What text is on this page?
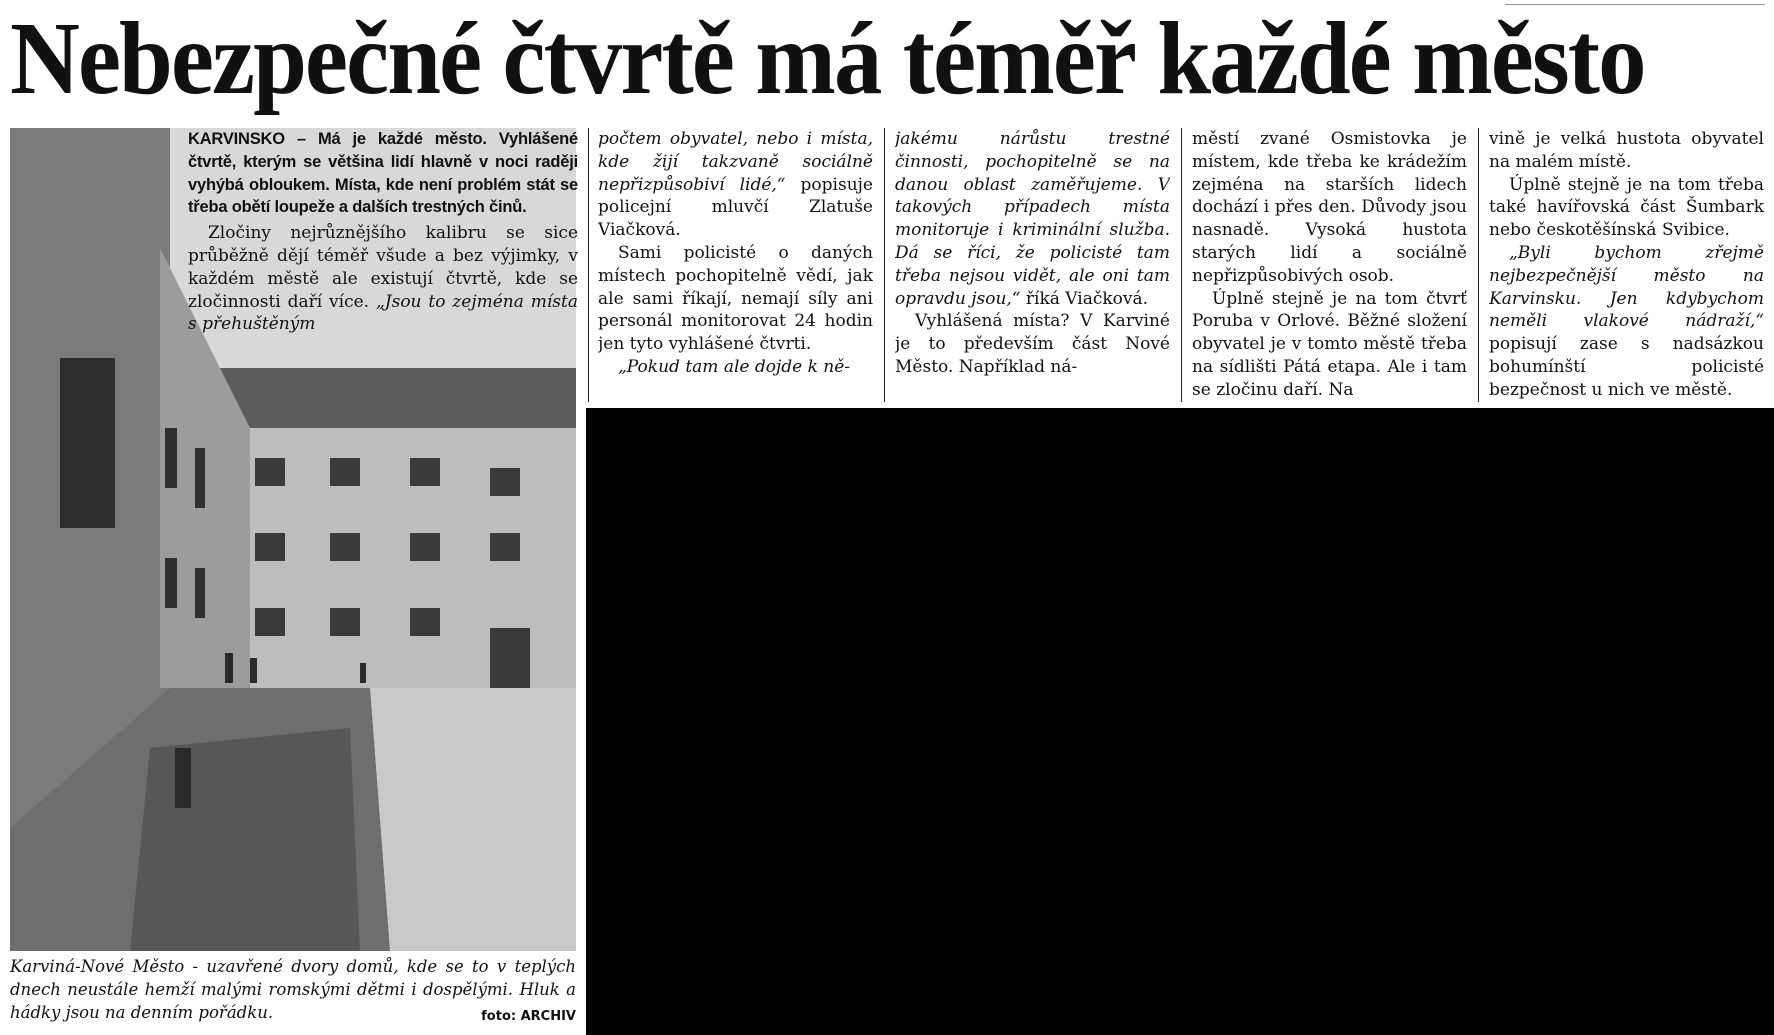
Nebezpečné čtvrtě má téměř každé město
Karviná-Nové Město - uzavřené dvory domů, kde se to v teplých dnech neustále hemží malými romskými dětmi i dospělými. Hluk a hádky jsou na denním pořádku.	foto: ARCHIV

KARVINSKO – Má je každé město. Vyhlášené čtvrtě, kterým se většina lidí hlavně v noci raději vyhýbá obloukem. Místa, kde není problém stát se třeba obětí loupeže a dalších trestných činů.

Zločiny nejrůznějšího kalibru se sice průběžně dějí téměř všude a bez výjimky, v každém městě ale existují čtvrtě, kde se zločinnosti daří více. „Jsou to zejména místa s přehuštěným

počtem obyvatel, nebo i místa, kde žijí takzvaně sociálně nepřizpůsobiví lidé,“ popisuje policejní mluvčí Zlatuše Viačková.

Sami policisté o daných místech pochopitelně vědí, jak ale sami říkají, nemají síly ani personál monitorovat 24 hodin jen tyto vyhlášené čtvrti.

„Pokud tam ale dojde k ně-

jakému nárůstu trestné činnosti, pochopitelně se na danou oblast zaměřujeme. V takových případech místa monitoruje i kriminální služba. Dá se říci, že policisté tam třeba nejsou vidět, ale oni tam opravdu jsou,“ říká Viačková.

Vyhlášená místa? V Karviné je to především část Nové Město. Například ná-

městí zvané Osmistovka je místem, kde třeba ke krádežím zejména na starších lidech dochází i přes den. Důvody jsou nasnadě. Vysoká hustota starých lidí a sociálně nepřizpůsobivých osob.

Úplně stejně je na tom čtvrť Poruba v Orlové. Běžné složení obyvatel je v tomto městě třeba na sídlišti Pátá etapa. Ale i tam se zločinu daří. Na

vině je velká hustota obyvatel na malém místě.

Úplně stejně je na tom třeba také havířovská část Šumbark nebo českotěšínská Svibice.

„Byli bychom zřejmě nejbezpečnější město na Karvinsku. Jen kdybychom neměli vlakové nádraží,“ popisují zase s nadsázkou bohumínští policisté bezpečnost u nich ve městě.
